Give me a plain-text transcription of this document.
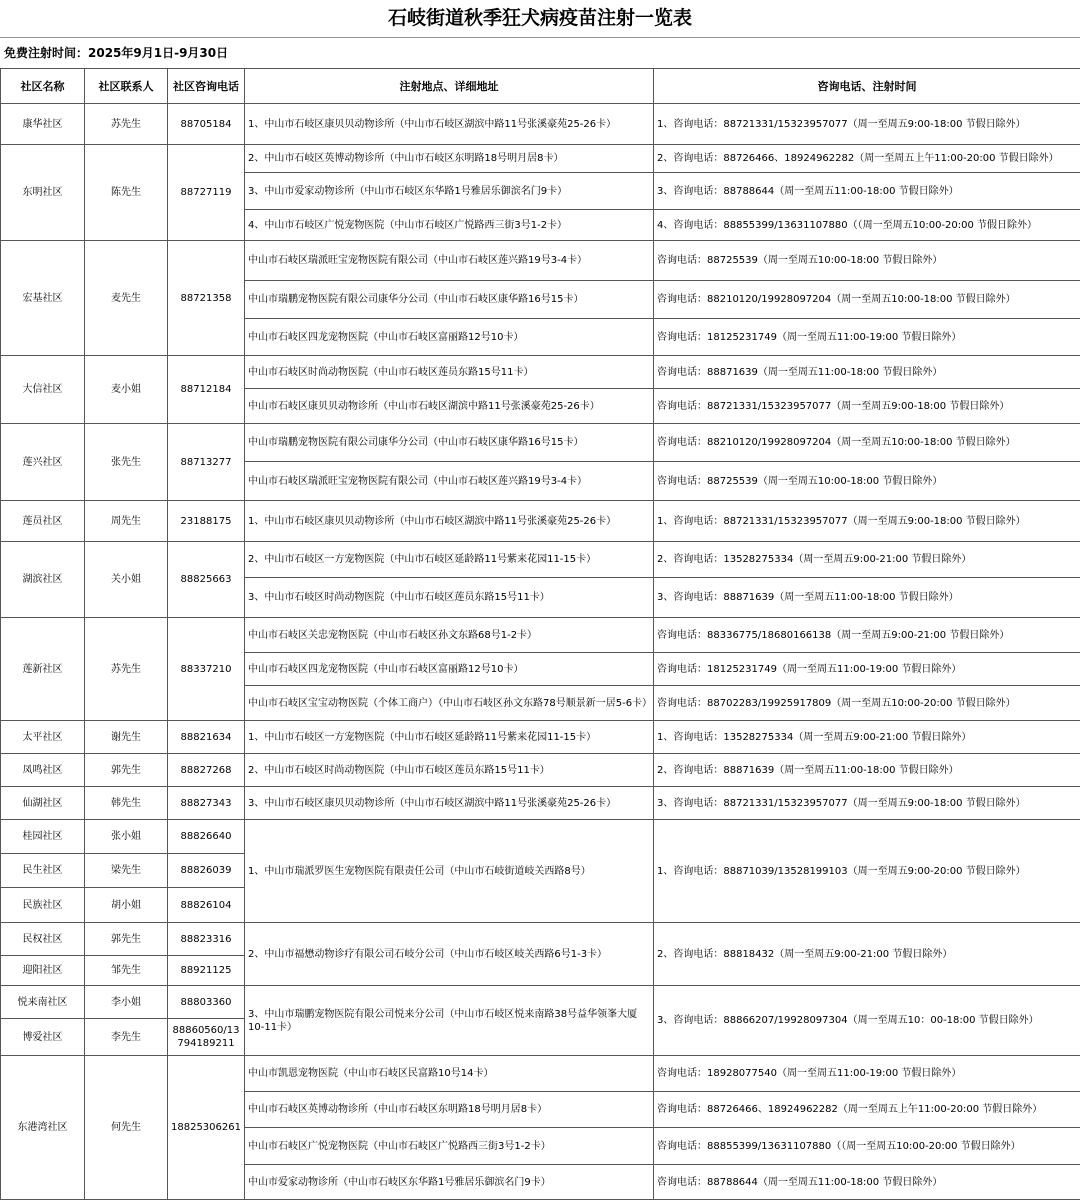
石岐街道秋季狂犬病疫苗注射一览表
免费注射时间：2025年9月1日-9月30日
社区名称	社区联系人	社区咨询电话	注射地点、详细地址	咨询电话、注射时间
康华社区	苏先生	88705184	1、中山市石岐区康贝贝动物诊所（中山市石岐区湖滨中路11号张溪豪苑25-26卡）	1、咨询电话：88721331/15323957077（周一至周五9:00-18:00 节假日除外）
东明社区	陈先生	88727119	2、中山市石岐区英博动物诊所（中山市石岐区东明路18号明月居8卡）	2、咨询电话：88726466、18924962282（周一至周五上午11:00-20:00 节假日除外）
			3、中山市爱家动物诊所（中山市石岐区东华路1号雅居乐御滨名门9卡）	3、咨询电话：88788644（周一至周五11:00-18:00 节假日除外）
			4、中山市石岐区广悦宠物医院（中山市石岐区广悦路西三街3号1-2卡）	4、咨询电话：88855399/13631107880（（周一至周五10:00-20:00 节假日除外）
宏基社区	麦先生	88721358	中山市石岐区瑞派旺宝宠物医院有限公司（中山市石岐区莲兴路19号3-4卡）	咨询电话：88725539（周一至周五10:00-18:00 节假日除外）
			中山市瑞鹏宠物医院有限公司康华分公司（中山市石岐区康华路16号15卡）	咨询电话：88210120/19928097204（周一至周五10:00-18:00 节假日除外）
			中山市石岐区四龙宠物医院（中山市石岐区富丽路12号10卡）	咨询电话：18125231749（周一至周五11:00-19:00 节假日除外）
大信社区	麦小姐	88712184	中山市石岐区时尚动物医院（中山市石岐区莲员东路15号11卡）	咨询电话：88871639（周一至周五11:00-18:00 节假日除外）
			中山市石岐区康贝贝动物诊所（中山市石岐区湖滨中路11号张溪豪苑25-26卡）	咨询电话：88721331/15323957077（周一至周五9:00-18:00 节假日除外）
莲兴社区	张先生	88713277	中山市瑞鹏宠物医院有限公司康华分公司（中山市石岐区康华路16号15卡）	咨询电话：88210120/19928097204（周一至周五10:00-18:00 节假日除外）
			中山市石岐区瑞派旺宝宠物医院有限公司（中山市石岐区莲兴路19号3-4卡）	咨询电话：88725539（周一至周五10:00-18:00 节假日除外）
莲员社区	周先生	23188175	1、中山市石岐区康贝贝动物诊所（中山市石岐区湖滨中路11号张溪豪苑25-26卡）	1、咨询电话：88721331/15323957077（周一至周五9:00-18:00 节假日除外）
湖滨社区	关小姐	88825663	2、中山市石岐区一方宠物医院（中山市石岐区延龄路11号紫来花园11-15卡）	2、咨询电话：13528275334（周一至周五9:00-21:00 节假日除外）
			3、中山市石岐区时尚动物医院（中山市石岐区莲员东路15号11卡）	3、咨询电话：88871639（周一至周五11:00-18:00 节假日除外）
莲新社区	苏先生	88337210	中山市石岐区关忠宠物医院（中山市石岐区孙文东路68号1-2卡）	咨询电话：88336775/18680166138（周一至周五9:00-21:00 节假日除外）
			中山市石岐区四龙宠物医院（中山市石岐区富丽路12号10卡）	咨询电话：18125231749（周一至周五11:00-19:00 节假日除外）
			中山市石岐区宝宝动物医院（个体工商户）（中山市石岐区孙文东路78号顺景新一居5-6卡）	咨询电话：88702283/19925917809（周一至周五10:00-20:00 节假日除外）
太平社区	谢先生	88821634	1、中山市石岐区一方宠物医院（中山市石岐区延龄路11号紫来花园11-15卡）	1、咨询电话：13528275334（周一至周五9:00-21:00 节假日除外）
凤鸣社区	郭先生	88827268	2、中山市石岐区时尚动物医院（中山市石岐区莲员东路15号11卡）	2、咨询电话：88871639（周一至周五11:00-18:00 节假日除外）
仙湖社区	韩先生	88827343	3、中山市石岐区康贝贝动物诊所（中山市石岐区湖滨中路11号张溪豪苑25-26卡）	3、咨询电话：88721331/15323957077（周一至周五9:00-18:00 节假日除外）
桂园社区	张小姐	88826640	1、中山市瑞派罗医生宠物医院有限责任公司（中山市石岐街道岐关西路8号）	1、咨询电话：88871039/13528199103（周一至周五9:00-20:00 节假日除外）
民生社区	梁先生	88826039		
民族社区	胡小姐	88826104		
民权社区	郭先生	88823316	2、中山市福懋动物诊疗有限公司石岐分公司（中山市石岐区岐关西路6号1-3卡）	2、咨询电话：88818432（周一至周五9:00-21:00 节假日除外）
迎阳社区	邹先生	88921125		
悦来南社区	李小姐	88803360	3、中山市瑞鹏宠物医院有限公司悦来分公司（中山市石岐区悦来南路38号益华领峯大厦10-11卡）	3、咨询电话：88866207/19928097304（周一至周五10：00-18:00 节假日除外）
博爱社区	李先生	88860560/13794189211		
东港湾社区	何先生	18825306261	中山市凯恩宠物医院（中山市石岐区民富路10号14卡）	咨询电话：18928077540（周一至周五11:00-19:00 节假日除外）
			中山市石岐区英博动物诊所（中山市石岐区东明路18号明月居8卡）	咨询电话：88726466、18924962282（周一至周五上午11:00-20:00 节假日除外）
			中山市石岐区广悦宠物医院（中山市石岐区广悦路西三街3号1-2卡）	咨询电话：88855399/13631107880（（周一至周五10:00-20:00 节假日除外）
			中山市爱家动物诊所（中山市石岐区东华路1号雅居乐御滨名门9卡）	咨询电话：88788644（周一至周五11:00-18:00 节假日除外）
